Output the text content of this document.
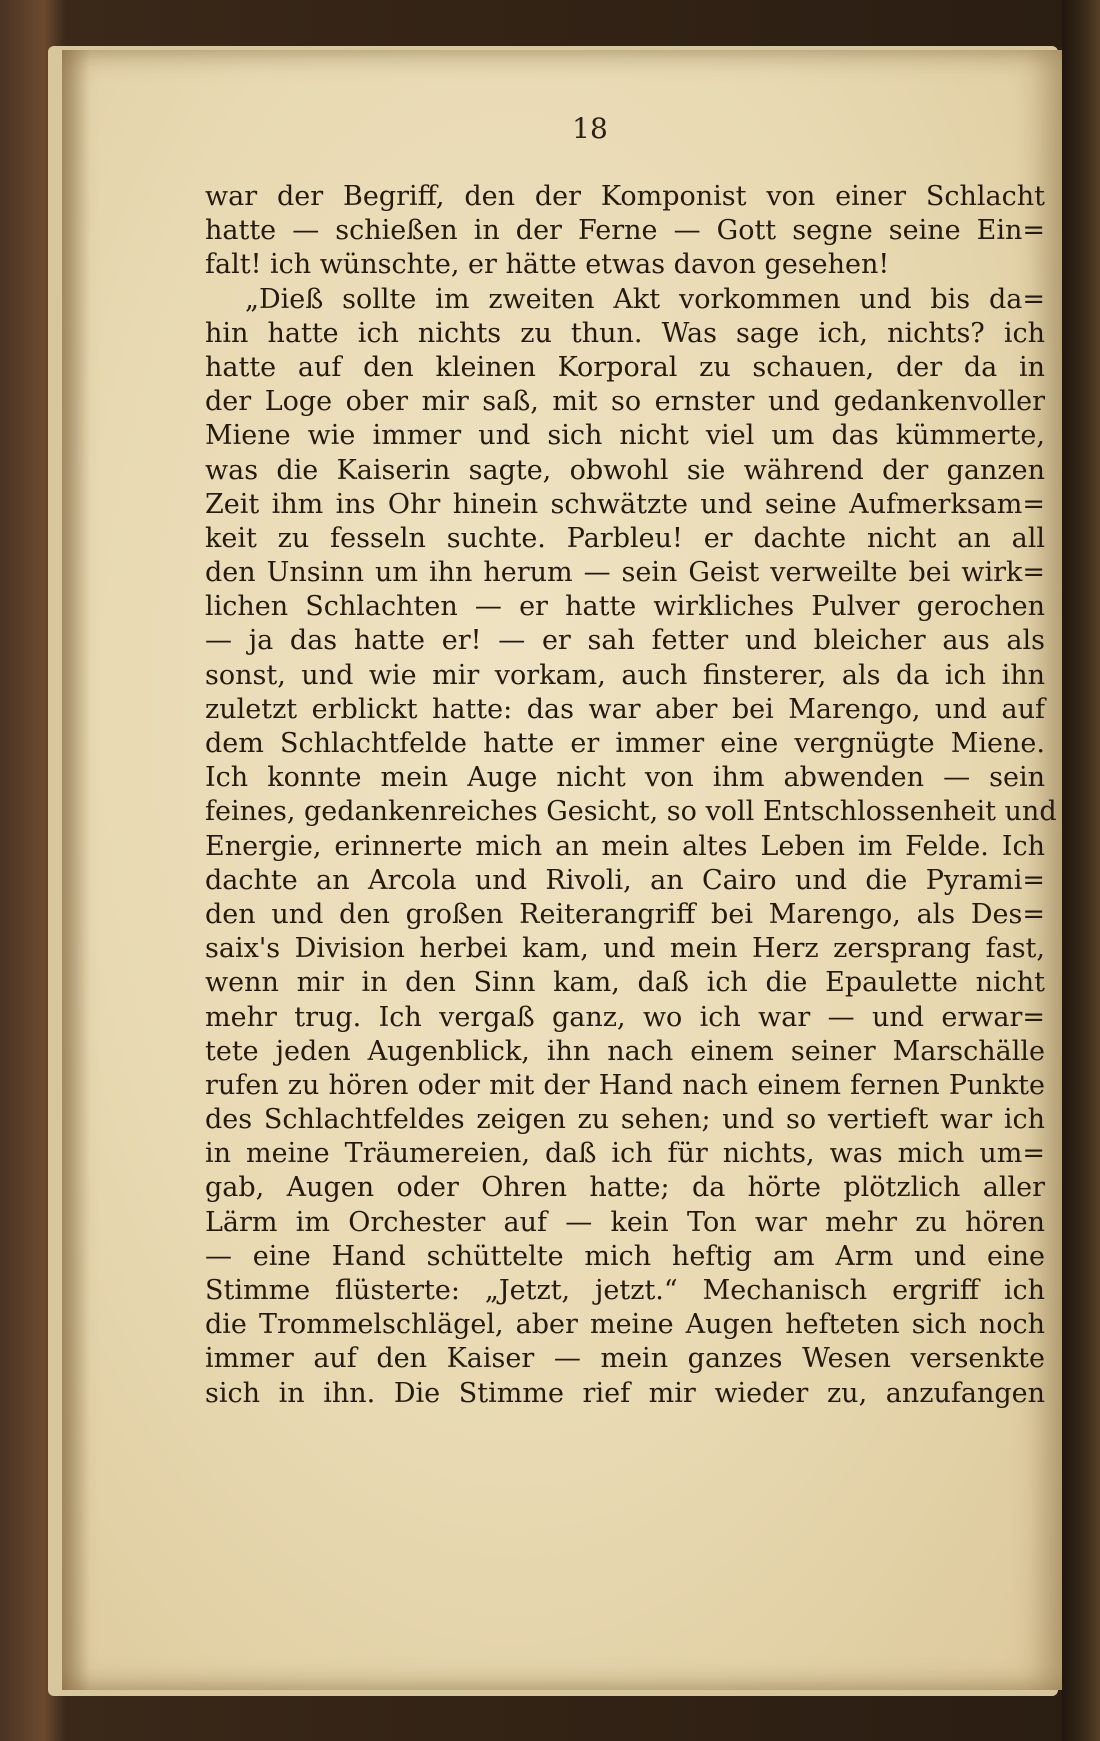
18
war der Begriff, den der Komponist von einer Schlacht
hatte — schießen in der Ferne — Gott segne seine Ein=
falt! ich wünschte, er hätte etwas davon gesehen!
„Dieß sollte im zweiten Akt vorkommen und bis da=
hin hatte ich nichts zu thun. Was sage ich, nichts? ich
hatte auf den kleinen Korporal zu schauen, der da in
der Loge ober mir saß, mit so ernster und gedankenvoller
Miene wie immer und sich nicht viel um das kümmerte,
was die Kaiserin sagte, obwohl sie während der ganzen
Zeit ihm ins Ohr hinein schwätzte und seine Aufmerksam=
keit zu fesseln suchte. Parbleu! er dachte nicht an all
den Unsinn um ihn herum — sein Geist verweilte bei wirk=
lichen Schlachten — er hatte wirkliches Pulver gerochen
— ja das hatte er! — er sah fetter und bleicher aus als
sonst, und wie mir vorkam, auch finsterer, als da ich ihn
zuletzt erblickt hatte: das war aber bei Marengo, und auf
dem Schlachtfelde hatte er immer eine vergnügte Miene.
Ich konnte mein Auge nicht von ihm abwenden — sein
feines, gedankenreiches Gesicht, so voll Entschlossenheit und
Energie, erinnerte mich an mein altes Leben im Felde. Ich
dachte an Arcola und Rivoli, an Cairo und die Pyrami=
den und den großen Reiterangriff bei Marengo, als Des=
saix's Division herbei kam, und mein Herz zersprang fast,
wenn mir in den Sinn kam, daß ich die Epaulette nicht
mehr trug. Ich vergaß ganz, wo ich war — und erwar=
tete jeden Augenblick, ihn nach einem seiner Marschälle
rufen zu hören oder mit der Hand nach einem fernen Punkte
des Schlachtfeldes zeigen zu sehen; und so vertieft war ich
in meine Träumereien, daß ich für nichts, was mich um=
gab, Augen oder Ohren hatte; da hörte plötzlich aller
Lärm im Orchester auf — kein Ton war mehr zu hören
— eine Hand schüttelte mich heftig am Arm und eine
Stimme flüsterte: „Jetzt, jetzt.“ Mechanisch ergriff ich
die Trommelschlägel, aber meine Augen hefteten sich noch
immer auf den Kaiser — mein ganzes Wesen versenkte
sich in ihn. Die Stimme rief mir wieder zu, anzufangen
